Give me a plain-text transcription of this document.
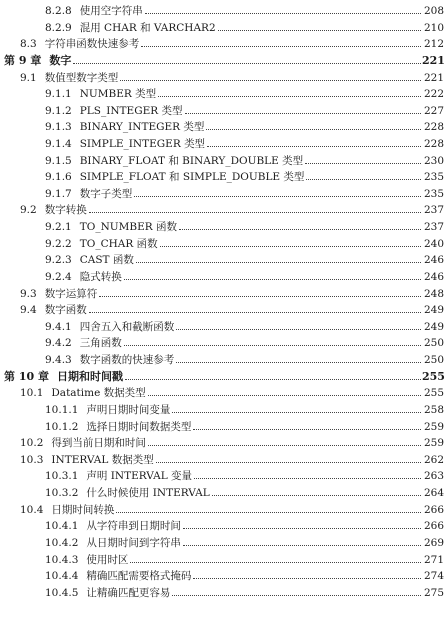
8.2.8 使用空字符串	208
8.2.9 混用 CHAR 和 VARCHAR2	210
8.3 字符串函数快速参考	212
第 9 章 数字	221
9.1 数值型数字类型	221
9.1.1 NUMBER 类型	222
9.1.2 PLS_INTEGER 类型	227
9.1.3 BINARY_INTEGER 类型	228
9.1.4 SIMPLE_INTEGER 类型	228
9.1.5 BINARY_FLOAT 和 BINARY_DOUBLE 类型	230
9.1.6 SIMPLE_FLOAT 和 SIMPLE_DOUBLE 类型	235
9.1.7 数字子类型	235
9.2 数字转换	237
9.2.1 TO_NUMBER 函数	237
9.2.2 TO_CHAR 函数	240
9.2.3 CAST 函数	246
9.2.4 隐式转换	246
9.3 数字运算符	248
9.4 数字函数	249
9.4.1 四舍五入和截断函数	249
9.4.2 三角函数	250
9.4.3 数字函数的快速参考	250
第 10 章 日期和时间戳	255
10.1 Datatime 数据类型	255
10.1.1 声明日期时间变量	258
10.1.2 选择日期时间数据类型	259
10.2 得到当前日期和时间	259
10.3 INTERVAL 数据类型	262
10.3.1 声明 INTERVAL 变量	263
10.3.2 什么时候使用 INTERVAL	264
10.4 日期时间转换	266
10.4.1 从字符串到日期时间	266
10.4.2 从日期时间到字符串	269
10.4.3 使用时区	271
10.4.4 精确匹配需要格式掩码	274
10.4.5 让精确匹配更容易	275
